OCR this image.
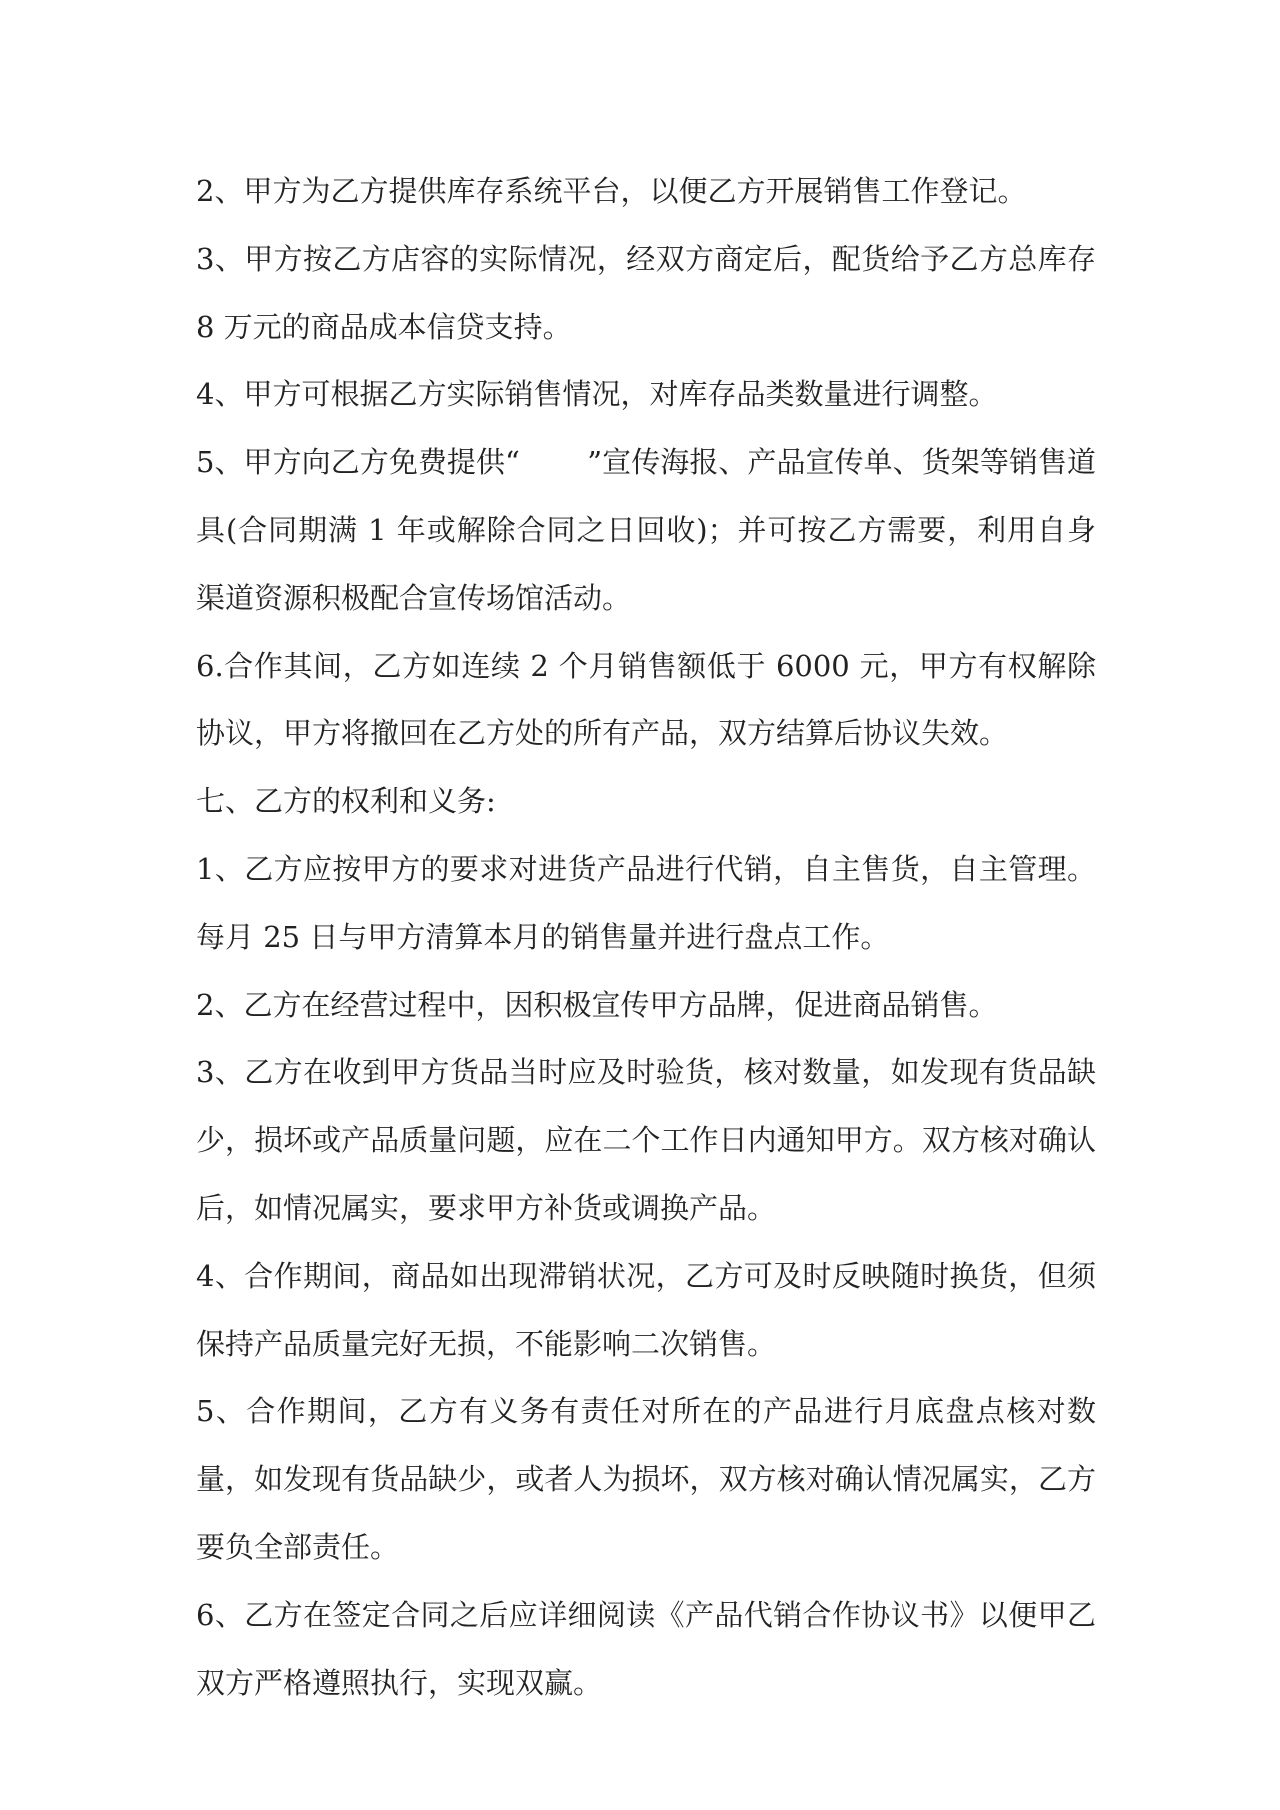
2、甲方为乙方提供库存系统平台，以便乙方开展销售工作登记。

3、甲方按乙方店容的实际情况，经双方商定后，配货给予乙方总库存 8 万元的商品成本信贷支持。

4、甲方可根据乙方实际销售情况，对库存品类数量进行调整。

5、甲方向乙方免费提供“　　 ”宣传海报、产品宣传单、货架等销售道具(合同期满 1 年或解除合同之日回收)；并可按乙方需要，利用自身渠道资源积极配合宣传场馆活动。

6.合作其间，乙方如连续 2 个月销售额低于 6000 元，甲方有权解除协议，甲方将撤回在乙方处的所有产品，双方结算后协议失效。

七、乙方的权利和义务:

1、乙方应按甲方的要求对进货产品进行代销，自主售货，自主管理。每月 25 日与甲方清算本月的销售量并进行盘点工作。

2、乙方在经营过程中，因积极宣传甲方品牌，促进商品销售。

3、乙方在收到甲方货品当时应及时验货，核对数量，如发现有货品缺少，损坏或产品质量问题，应在二个工作日内通知甲方。双方核对确认后，如情况属实，要求甲方补货或调换产品。

4、合作期间，商品如出现滞销状况，乙方可及时反映随时换货，但须保持产品质量完好无损，不能影响二次销售。

5、合作期间，乙方有义务有责任对所在的产品进行月底盘点核对数量，如发现有货品缺少，或者人为损坏，双方核对确认情况属实，乙方要负全部责任。

6、乙方在签定合同之后应详细阅读《产品代销合作协议书》以便甲乙双方严格遵照执行，实现双赢。
